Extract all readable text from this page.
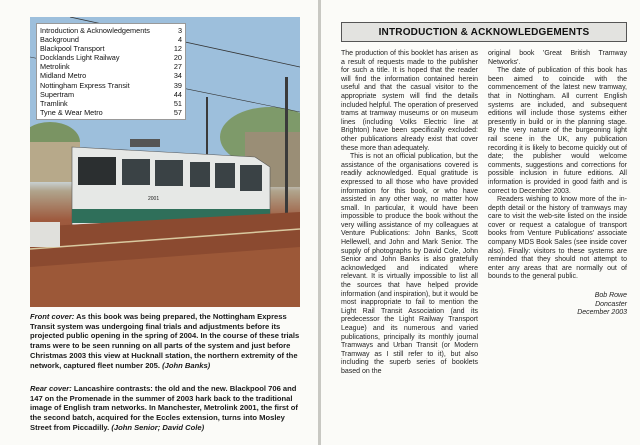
2001
Introduction & Acknowledgements	3
Background	4
Blackpool Transport	12
Docklands Light Railway	20
Metrolink	27
Midland Metro	34
Nottingham Express Transit	39
Supertram	44
Tramlink	51
Tyne & Wear Metro	57

Front cover: As this book was being prepared, the Nottingham Express Transit system was undergoing final trials and adjustments before its projected public opening in the spring of 2004. In the course of these trials trams were to be seen running on all parts of the system and just before Christmas 2003 this view at Hucknall station, the northern extremity of the network, captured fleet number 205. (John Banks)

Rear cover: Lancashire contrasts: the old and the new. Blackpool 706 and 147 on the Promenade in the summer of 2003 hark back to the traditional image of English tram networks. In Manchester, Metrolink 2001, the first of the second batch, acquired for the Eccles extension, turns into Mosley Street from Piccadilly. (John Senior; David Cole)

INTRODUCTION & ACKNOWLEDGEMENTS

The production of this booklet has arisen as a result of requests made to the publisher for such a title. It is hoped that the reader will find the information contained herein useful and that the casual visitor to the appropriate system will find the details included helpful. The operation of preserved trams at tramway museums or on museum lines (including Volks Electric line at Brighton) have been specifically excluded: other publications already exist that cover these more than adequately.

This is not an official publication, but the assistance of the organisations covered is readily acknowledged. Equal gratitude is expressed to all those who have provided information for this book, or who have assisted in any other way, no matter how small. In particular, it would have been impossible to produce the book without the very willing assistance of my colleagues at Venture Publications: John Banks, Scott Hellewell, and John and Mark Senior. The supply of photographs by David Cole, John Senior and John Banks is also gratefully acknowledged and indicated where relevant. It is virtually impossible to list all the sources that have helped provide information (and inspiration), but it would be most inappropriate to fail to mention the Light Rail Transit Association (and its predecessor the Light Railway Transport League) and its numerous and varied publications, principally its monthly journal Tramways and Urban Transit (or Modern Tramway as I still refer to it), but also including the superb series of booklets based on the

original book 'Great British Tramway Networks'.

The date of publication of this book has been aimed to coincide with the commencement of the latest new tramway, that in Nottingham. All current English systems are included, and subsequent editions will include those systems either presently in build or in the planning stage. By the very nature of the burgeoning light rail scene in the UK, any publication recording it is likely to become quickly out of date; the publisher would welcome comments, suggestions and corrections for possible inclusion in future editions. All information is provided in good faith and is correct to December 2003.

Readers wishing to know more of the in-depth detail or the history of tramways may care to visit the web-site listed on the inside cover or request a catalogue of transport books from Venture Publications' associate company MDS Book Sales (see inside cover also). Finally: visitors to these systems are reminded that they should not attempt to enter any areas that are normally out of bounds to the general public.

Bob Rowe
Doncaster
December 2003
